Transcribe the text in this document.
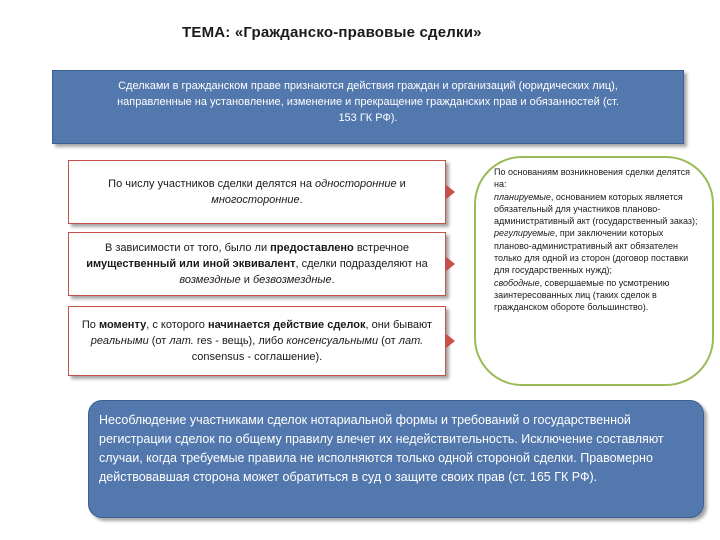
ТЕМА: «Гражданско-правовые сделки»
Сделками в гражданском праве признаются действия граждан и организаций (юридических лиц),
направленные на установление, изменение и прекращение гражданских прав и обязанностей (ст.
153 ГК РФ).
По числу участников сделки делятся на односторонние и многосторонние.
В зависимости от того, было ли предоставлено встречное имущественный или иной эквивалент, сделки подразделяют на возмездные и безвозмездные.
По моменту, с которого начинается действие сделок, они бывают реальными (от лат. res - вещь), либо консенсуальными (от лат. consensus - соглашение).

По основаниям возникновения сделки делятся на:

планируемые, основанием которых является обязательный для участников планово- административный акт (государственный заказ);

регулируемые, при заключении которых планово-административный акт обязателен только для одной из сторон (договор поставки для государственных нужд);

свободные, совершаемые по усмотрению заинтересованных лиц (таких сделок в гражданском обороте большинство).

Несоблюдение участниками сделок нотариальной формы и требований о государственной регистрации сделок по общему правилу влечет их недействительность. Исключение составляют случаи, когда требуемые правила не исполняются только одной стороной сделки. Правомерно действовавшая сторона может обратиться в суд о защите своих прав (ст. 165 ГК РФ).
